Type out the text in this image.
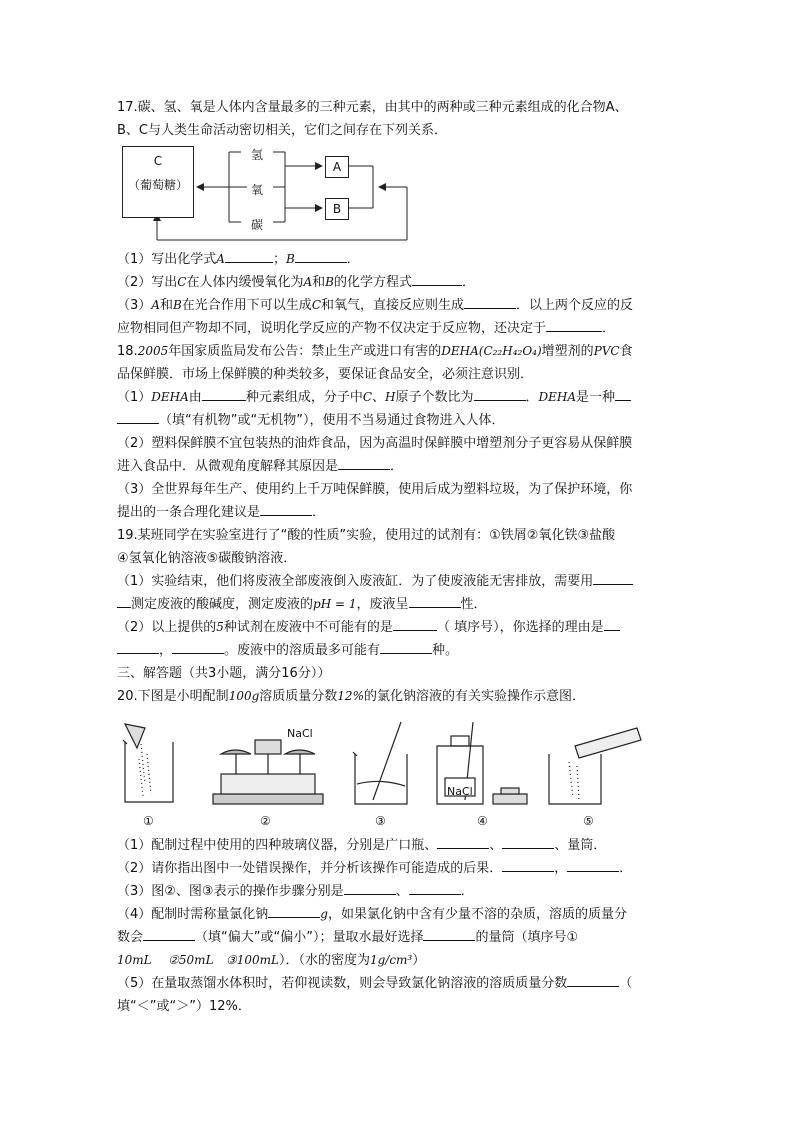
17.碳、氢、氧是人体内含量最多的三种元素，由其中的两种或三种元素组成的化合物A、
B、C与人类生命活动密切相关，它们之间存在下列关系．
C
（葡萄糖）
氢
氧
碳
A
B
（1）写出化学式A	；B	．
（2）写出C在人体内缓慢氧化为A和B的化学方程式	．
（3）A和B在光合作用下可以生成C和氧气，直接反应则生成	．以上两个反应的反
应物相同但产物却不同，说明化学反应的产物不仅决定于反应物，还决定于	．
18.2005年国家质监局发布公告：禁止生产或进口有害的DEHA(C₂₂H₄₂O₄)增塑剂的PVC食
品保鲜膜．市场上保鲜膜的种类较多，要保证食品安全，必须注意识别．
（1）DEHA由	种元素组成，分子中C、H原子个数比为	．DEHA是一种
（填“有机物”或“无机物”），使用不当易通过食物进入人体．
（2）塑料保鲜膜不宜包装热的油炸食品，因为高温时保鲜膜中增塑剂分子更容易从保鲜膜
进入食品中．从微观角度解释其原因是	．
（3）全世界每年生产、使用约上千万吨保鲜膜，使用后成为塑料垃圾，为了保护环境，你
提出的一条合理化建议是	．
19.某班同学在实验室进行了“酸的性质”实验，使用过的试剂有：①铁屑②氧化铁③盐酸
④氢氧化钠溶液⑤碳酸钠溶液．
（1）实验结束，他们将废液全部废液倒入废液缸．为了使废液能无害排放，需要用
测定废液的酸碱度，测定废液的pH = 1，废液呈	性．
（2）以上提供的5种试剂在废液中不可能有的是	（ 填序号），你选择的理由是
，	。废液中的溶质最多可能有	种。
三、解答题（共3小题，满分16分））
20.下图是小明配制100g溶质质量分数12%的氯化钠溶液的有关实验操作示意图．
NaCl
NaCl
①	②	③	④	⑤
（1）配制过程中使用的四种玻璃仪器，分别是广口瓶、	、	、量筒．
（2）请你指出图中一处错误操作，并分析该操作可能造成的后果．	，	．
（3）图②、图③表示的操作步骤分别是	、	．
（4）配制时需称量氯化钠	g，如果氯化钠中含有少量不溶的杂质，溶质的质量分
数会	（填“偏大”或“偏小”）；量取水最好选择	的量筒（填序号①
10mL ②50mL ③100mL）．（水的密度为1g/cm³）
（5）在量取蒸馏水体积时，若仰视读数，则会导致氯化钠溶液的溶质质量分数	（
填“＜”或“＞”）12%．
